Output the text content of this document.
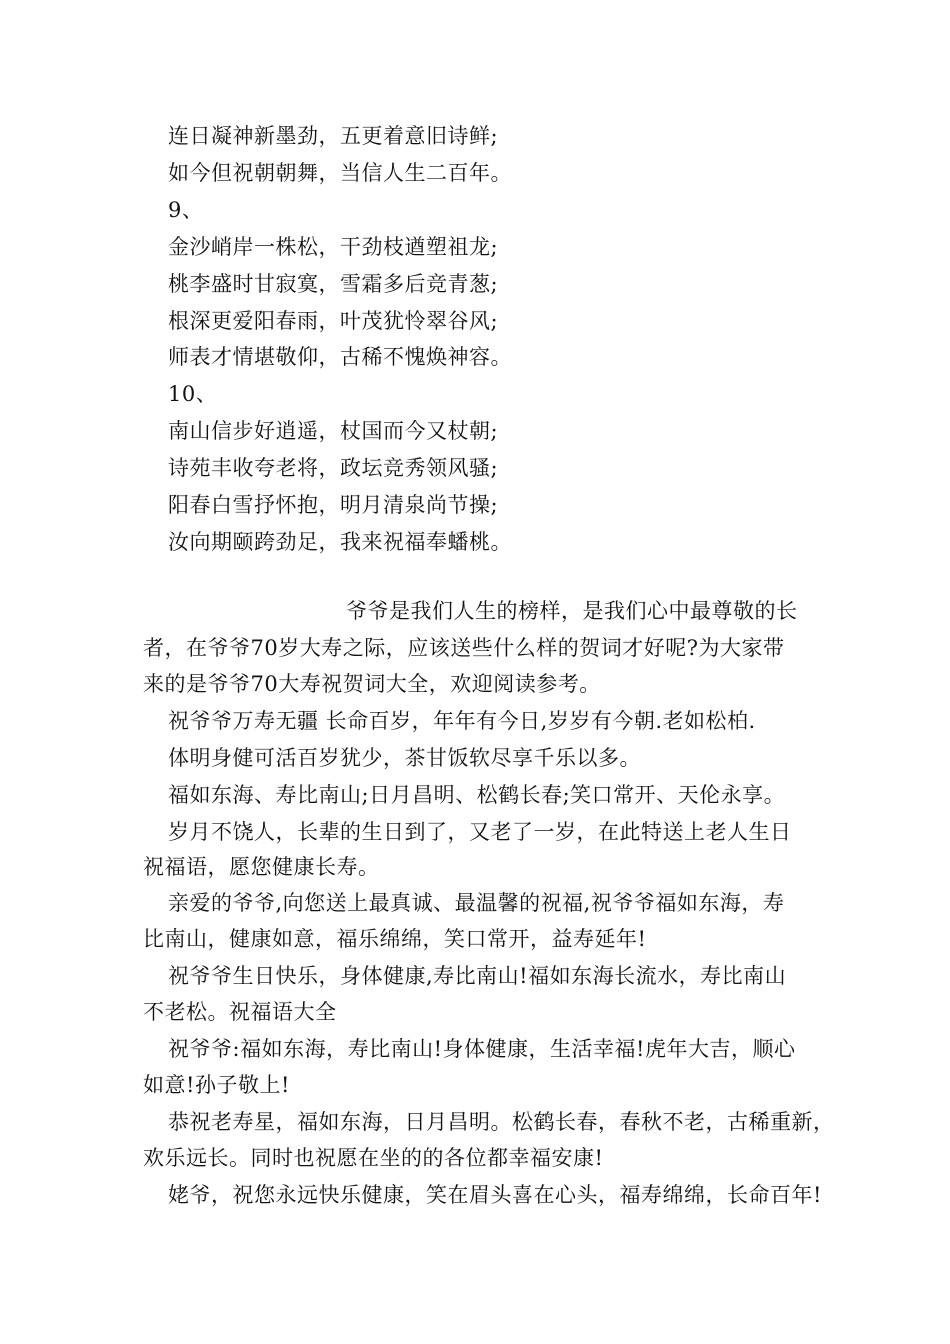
连日凝神新墨劲，五更着意旧诗鲜;
如今但祝朝朝舞，当信人生二百年。
9、
金沙峭岸一株松，干劲枝遒塑祖龙;
桃李盛时甘寂寞，雪霜多后竞青葱;
根深更爱阳春雨，叶茂犹怜翠谷风;
师表才情堪敬仰，古稀不愧焕神容。
10、
南山信步好逍遥，杖国而今又杖朝;
诗苑丰收夸老将，政坛竞秀领风骚;
阳春白雪抒怀抱，明月清泉尚节操;
汝向期颐跨劲足，我来祝福奉蟠桃。
爷爷是我们人生的榜样，是我们心中最尊敬的长
者，在爷爷70岁大寿之际，应该送些什么样的贺词才好呢?为大家带
来的是爷爷70大寿祝贺词大全，欢迎阅读参考。
祝爷爷万寿无疆 长命百岁，年年有今日,岁岁有今朝.老如松柏.
体明身健可活百岁犹少，茶甘饭软尽享千乐以多。
福如东海、寿比南山;日月昌明、松鹤长春;笑口常开、天伦永享。
岁月不饶人，长辈的生日到了，又老了一岁，在此特送上老人生日
祝福语，愿您健康长寿。
亲爱的爷爷,向您送上最真诚、最温馨的祝福,祝爷爷福如东海，寿
比南山，健康如意，福乐绵绵，笑口常开，益寿延年!
祝爷爷生日快乐，身体健康,寿比南山!福如东海长流水，寿比南山
不老松。祝福语大全
祝爷爷:福如东海，寿比南山!身体健康，生活幸福!虎年大吉，顺心
如意!孙子敬上!
恭祝老寿星，福如东海，日月昌明。松鹤长春，春秋不老，古稀重新，
欢乐远长。同时也祝愿在坐的的各位都幸福安康!
姥爷，祝您永远快乐健康，笑在眉头喜在心头，福寿绵绵，长命百年!
